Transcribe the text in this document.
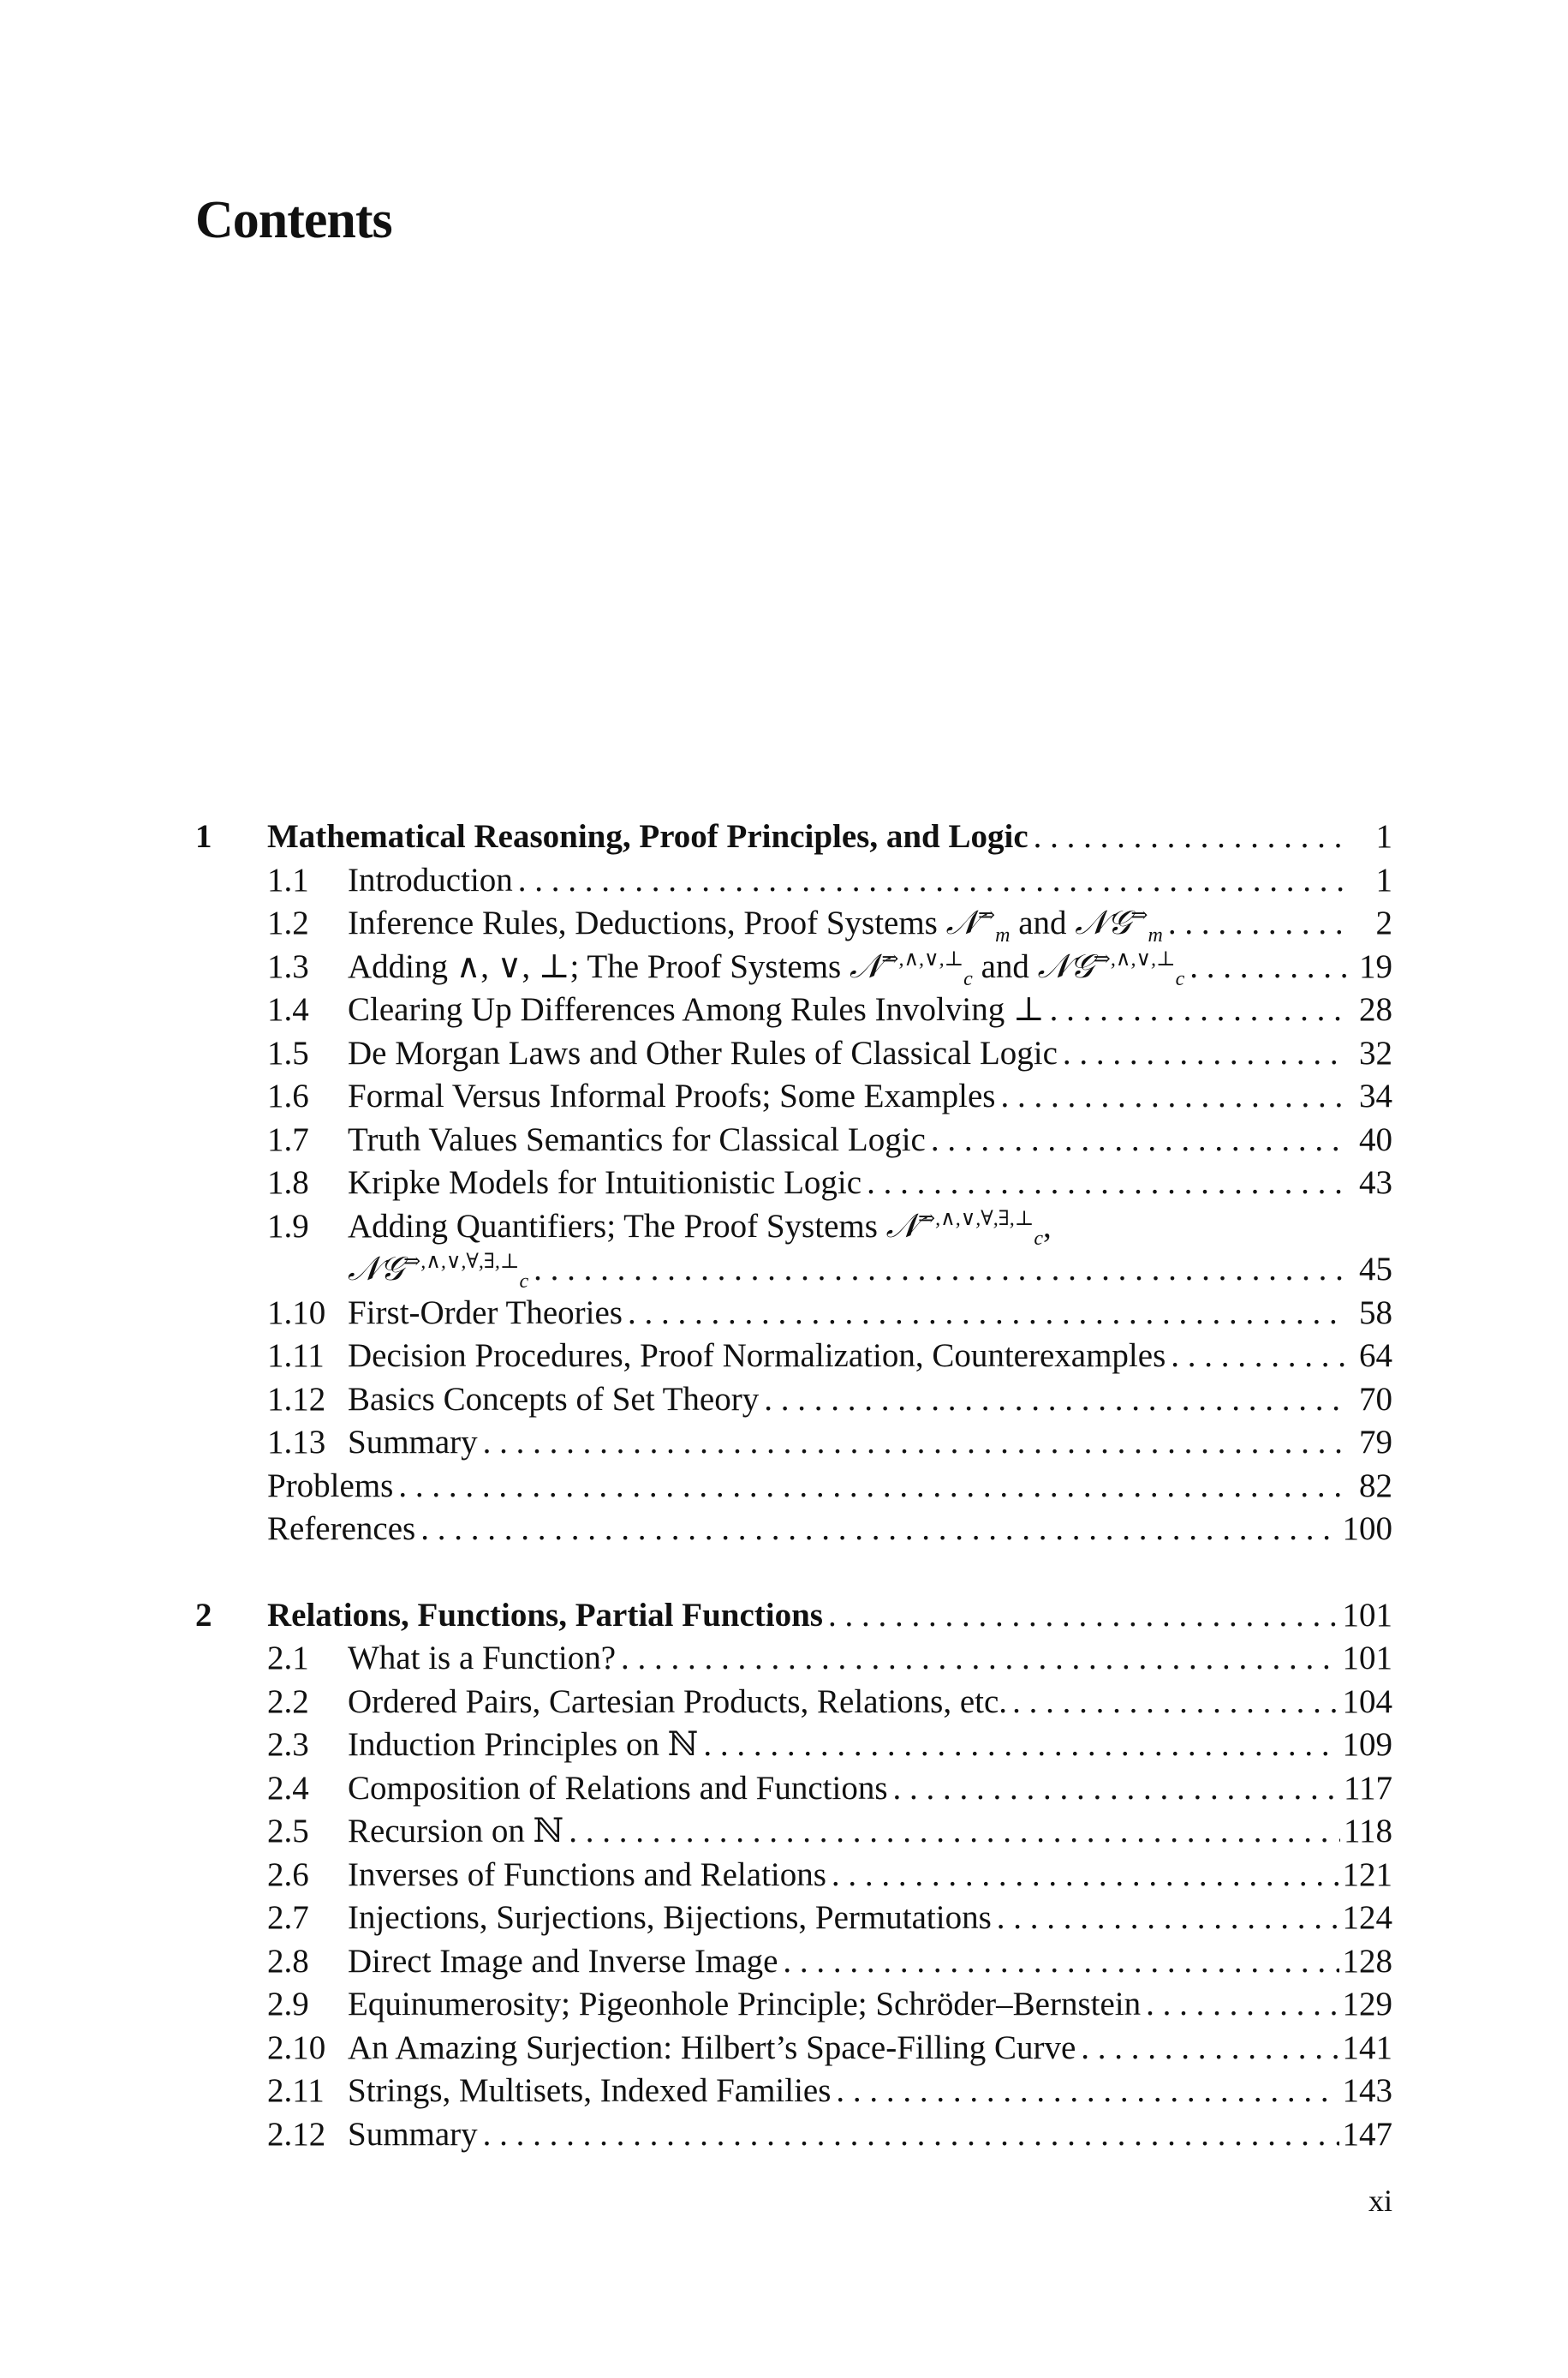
Contents
1 Mathematical Reasoning, Proof Principles, and Logic . . .	1
1.1 Introduction . . .	1
1.2 Inference Rules, Deductions, Proof Systems 𝒩⇒$_m$ and 𝒩𝒢⇒$_m$ . . .	2
1.3 Adding ∧, ∨, ⊥; The Proof Systems 𝒩⇒,∧,∨,⊥$_c$ and 𝒩𝒢⇒,∧,∨,⊥$_c$ . . .	19
1.4 Clearing Up Differences Among Rules Involving ⊥ . . .	28
1.5 De Morgan Laws and Other Rules of Classical Logic . . .	32
1.6 Formal Versus Informal Proofs; Some Examples . . .	34
1.7 Truth Values Semantics for Classical Logic . . .	40
1.8 Kripke Models for Intuitionistic Logic . . .	43
1.9 Adding Quantifiers; The Proof Systems 𝒩⇒,∧,∨,∀,∃,⊥$_c$,
𝒩𝒢⇒,∧,∨,∀,∃,⊥$_c$ . . .	45
1.10 First-Order Theories . . .	58
1.11 Decision Procedures, Proof Normalization, Counterexamples . . .	64
1.12 Basics Concepts of Set Theory . . .	70
1.13 Summary . . .	79
Problems . . .	82
References . . .	100
2 Relations, Functions, Partial Functions . . .	101
2.1 What is a Function? . . .	101
2.2 Ordered Pairs, Cartesian Products, Relations, etc. . . .	104
2.3 Induction Principles on ℕ . . .	109
2.4 Composition of Relations and Functions . . .	117
2.5 Recursion on ℕ . . .	118
2.6 Inverses of Functions and Relations . . .	121
2.7 Injections, Surjections, Bijections, Permutations . . .	124
2.8 Direct Image and Inverse Image . . .	128
2.9 Equinumerosity; Pigeonhole Principle; Schröder–Bernstein . . .	129
2.10 An Amazing Surjection: Hilbert’s Space-Filling Curve . . .	141
2.11 Strings, Multisets, Indexed Families . . .	143
2.12 Summary . . .	147
xi
